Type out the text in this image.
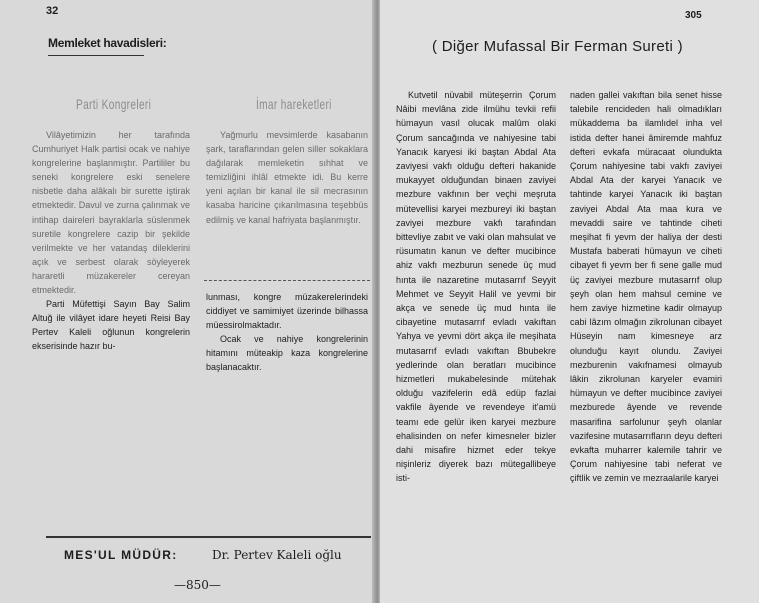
32
Memleket havadisleri:
Parti Kongreleri	İmar hareketleri

Vilâyetimizin her tarafında Cumhuriyet Halk partisi ocak ve nahiye kongrelerine başlanmıştır. Partililer bu seneki kongrelere eski senelere nisbetle daha alâkalı bir surette iştirak etmektedir. Davul ve zurna çalınmak ve intihap daireleri bayraklarla süslenmek suretile kongrelere cazip bir şekilde verilmekte ve her vatandaş dileklerini açık ve serbest olarak söyleyerek hararetli müzakereler cereyan etmektedir.

Parti Müfettişi Sayın Bay Salim Altuğ ile vilâyet idare heyeti Reisi Bay Pertev Kaleli oğlunun kongrelerin ekserisinde hazır bu-

Yağmurlu mevsimlerde kasabanın şark, taraflarından gelen siller sokaklara dağılarak memleketin sıhhat ve temizliğini ihlâl etmekte idi. Bu kerre yeni açılan bir kanal ile sil mecrasının kasaba haricine çıkarılmasına teşebbüs edilmiş ve kanal hafriyata başlanmıştır.

lunması, kongre müzakerelerindeki ciddiyet ve samimiyet üzerinde bilhassa müessirolmaktadır.

Ocak ve nahiye kongrelerinin hitamını müteakip kaza kongrelerine başlanacaktır.

MES'UL MÜDÜR:	Dr. Pertev Kaleli oğlu
—850—
305
( Diğer Mufassal Bir Ferman Sureti )

Kutvetil nüvabil müteşerrin Çorum Nâibi mevlâna zide ilmühu tevkii refii hümayun vasıl olucak malûm olaki Çorum sancağında ve nahiyesine tabi Yanacık karyesi iki baştan Abdal Ata zaviyesi vakfı olduğu defteri hakanide mukayyet olduğundan binaen zaviyei mezbure vakfının ber veçhi meşruta mütevellisi karyei mezbureyi iki baştan zaviyei mezbure vakfı tarafından bittevliye zabıt ve vaki olan mahsulat ve rüsumatın kanun ve defter mucibince ahiz vakfı mezburun senede üç mud hınta ile nazaretine mutasarrıf Seyyit Mehmet ve Seyyit Halil ve yevmi bir akça ve senede üç mud hınta ile cibayetine mutasarrıf evladı vakıftan Yahya ve yevmi dört akça ile meşihata mutasarrıf evladı vakıftan Bbubekre yedlerinde olan beratları mucibince hizmetleri mukabelesinde mütehak olduğu vazifelerin edâ edüp fazlai vakfile âyende ve revendeye it'amü teamı ede gelür iken karyei mezbure ehalisinden on nefer kimesneler bizler dahi misafire hizmet eder tekye nişinleriz diyerek bazı mütegallibeye isti-

naden gallei vakıftan bila senet hisse talebile rencideden hali olmadıkları mükaddema ba ilamlıdel inha vel istida defter hanei âmiremde mahfuz defteri evkafa müracaat olundukta Çorum nahiyesine tabi vakfı zaviyei Abdal Ata der karyei Yanacık ve tahtinde karyei Yanacık iki baştan zaviyei Abdal Ata maa kura ve mevaddi saire ve tahtinde ciheti meşihat fi yevm der haliya der desti Mustafa baberati hümayun ve ciheti cibayet fi yevm ber fi sene galle mud üç zaviyei mezbure mutasarrıf olup şeyh olan hem mahsul cemine ve hem zaviye hizmetine kadir olmayup cabi lâzım olmağın zikrolunan cibayet Hüseyin nam kimesneye arz olunduğu kayıt olundu. Zaviyei mezburenin vakıfnamesi olmayub lâkin zikrolunan karyeler evamiri hümayun ve defter mucibince zaviyei mezburede âyende ve revende masarifina sarfolunur şeyh olanlar vazifesine mutasarrıfların deyu defteri evkafta muharrer kalemile tahrir ve Çorum nahiyesine tabi neferat ve çiftlik ve zemin ve mezraalarile karyei
